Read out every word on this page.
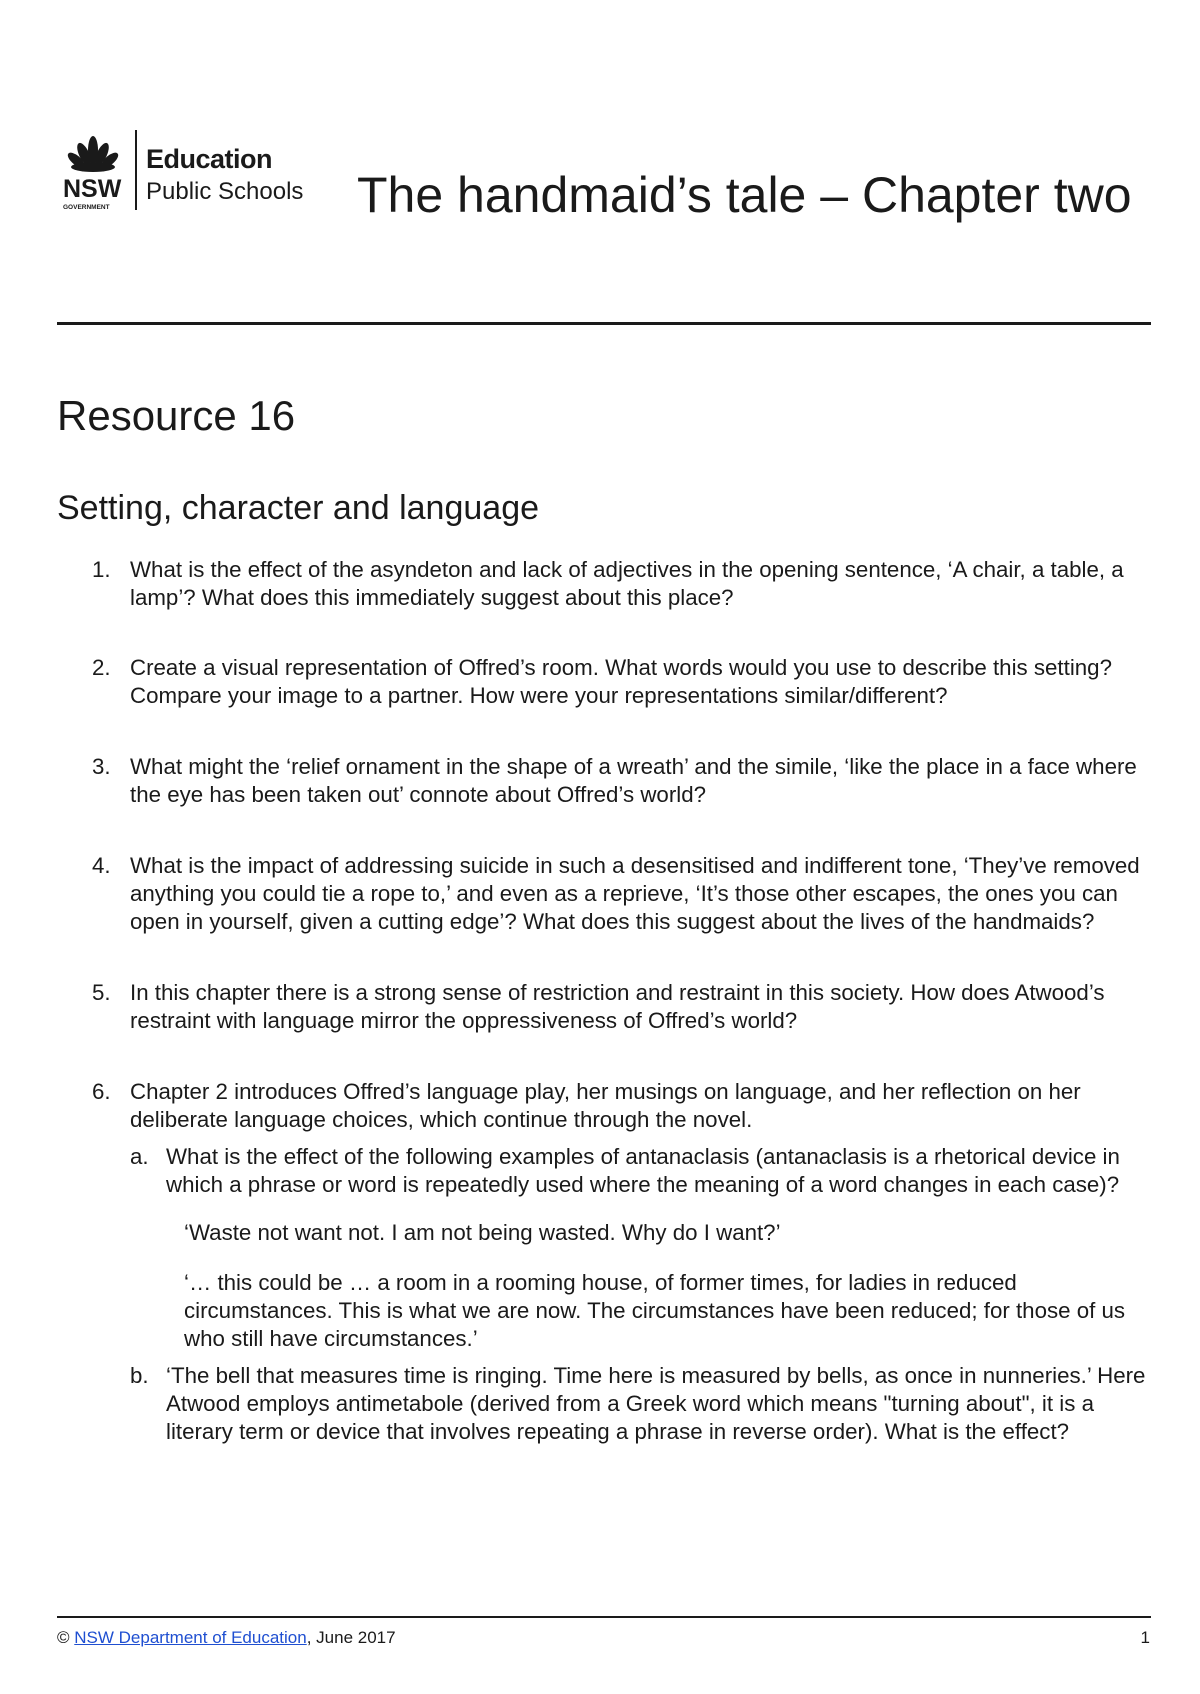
NSW
GOVERNMENT
Education
Public Schools	The handmaid’s tale – Chapter two
Resource 16
Setting, character and language
1. What is the effect of the asyndeton and lack of adjectives in the opening sentence, ‘A chair, a table, a lamp’? What does this immediately suggest about this place?
2. Create a visual representation of Offred’s room. What words would you use to describe this setting? Compare your image to a partner. How were your representations similar/different?
3. What might the ‘relief ornament in the shape of a wreath’ and the simile, ‘like the place in a face where the eye has been taken out’ connote about Offred’s world?
4. What is the impact of addressing suicide in such a desensitised and indifferent tone, ‘They’ve removed anything you could tie a rope to,’ and even as a reprieve, ‘It’s those other escapes, the ones you can open in yourself, given a cutting edge’? What does this suggest about the lives of the handmaids?
5. In this chapter there is a strong sense of restriction and restraint in this society. How does Atwood’s restraint with language mirror the oppressiveness of Offred’s world?
6. Chapter 2 introduces Offred’s language play, her musings on language, and her reflection on her deliberate language choices, which continue through the novel.
a. What is the effect of the following examples of antanaclasis (antanaclasis is a rhetorical device in which a phrase or word is repeatedly used where the meaning of a word changes in each case)?
‘Waste not want not. I am not being wasted. Why do I want?’
‘… this could be … a room in a rooming house, of former times, for ladies in reduced circumstances. This is what we are now. The circumstances have been reduced; for those of us who still have circumstances.’
b. ‘The bell that measures time is ringing. Time here is measured by bells, as once in nunneries.’ Here Atwood employs antimetabole (derived from a Greek word which means "turning about", it is a literary term or device that involves repeating a phrase in reverse order). What is the effect?
© NSW Department of Education, June 2017	1
